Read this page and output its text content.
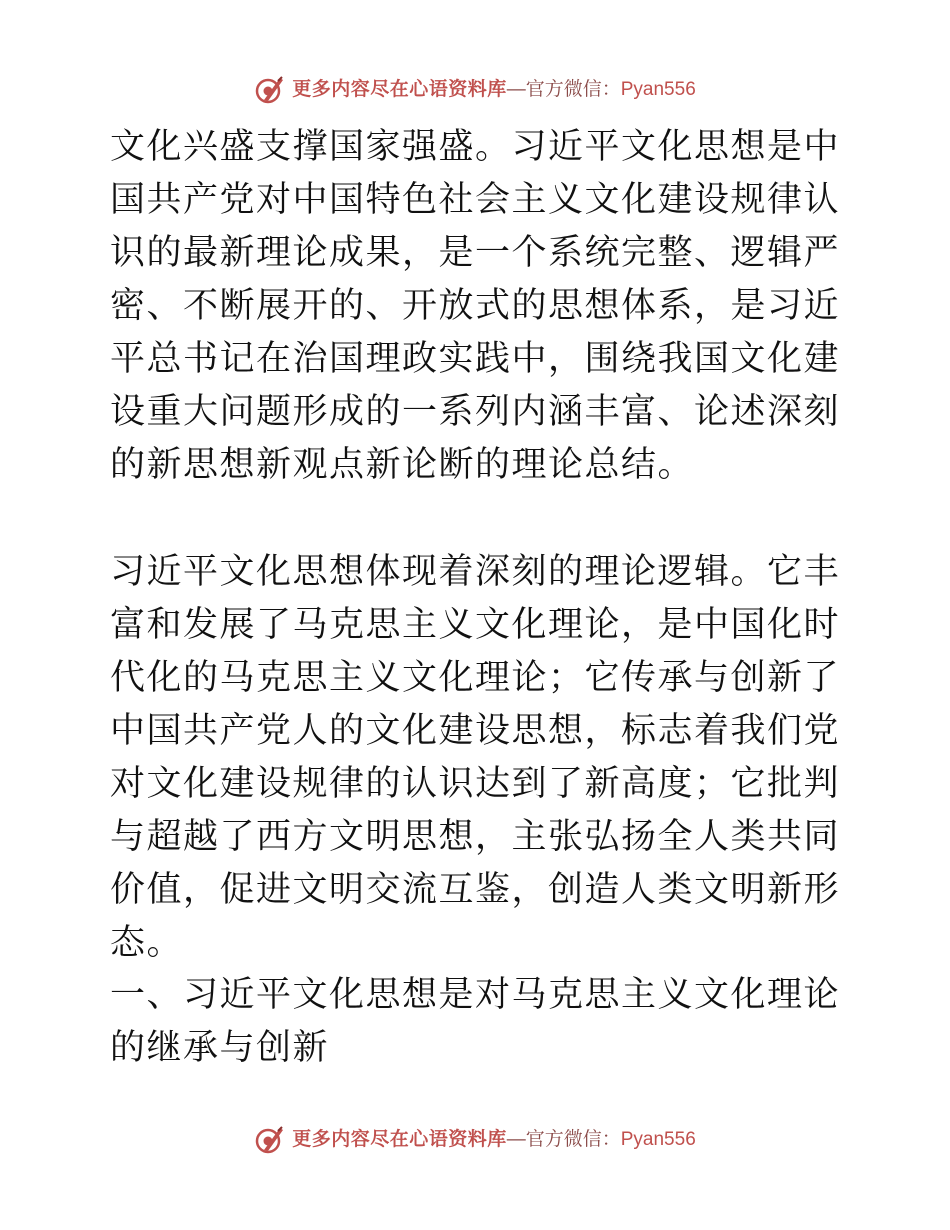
更多内容尽在心语资料库 — 官方微信： Pyan556

文化兴盛支撑国家强盛。习近平文化思想是中国共产党对中国特色社会主义文化建设规律认识的最新理论成果，是一个系统完整、逻辑严密、不断展开的、开放式的思想体系，是习近平总书记在治国理政实践中，围绕我国文化建设重大问题形成的一系列内涵丰富、论述深刻的新思想新观点新论断的理论总结。

习近平文化思想体现着深刻的理论逻辑。它丰富和发展了马克思主义文化理论，是中国化时代化的马克思主义文化理论；它传承与创新了中国共产党人的文化建设思想，标志着我们党对文化建设规律的认识达到了新高度；它批判与超越了西方文明思想，主张弘扬全人类共同价值，促进文明交流互鉴，创造人类文明新形态。

一、习近平文化思想是对马克思主义文化理论的继承与创新

更多内容尽在心语资料库 — 官方微信： Pyan556
